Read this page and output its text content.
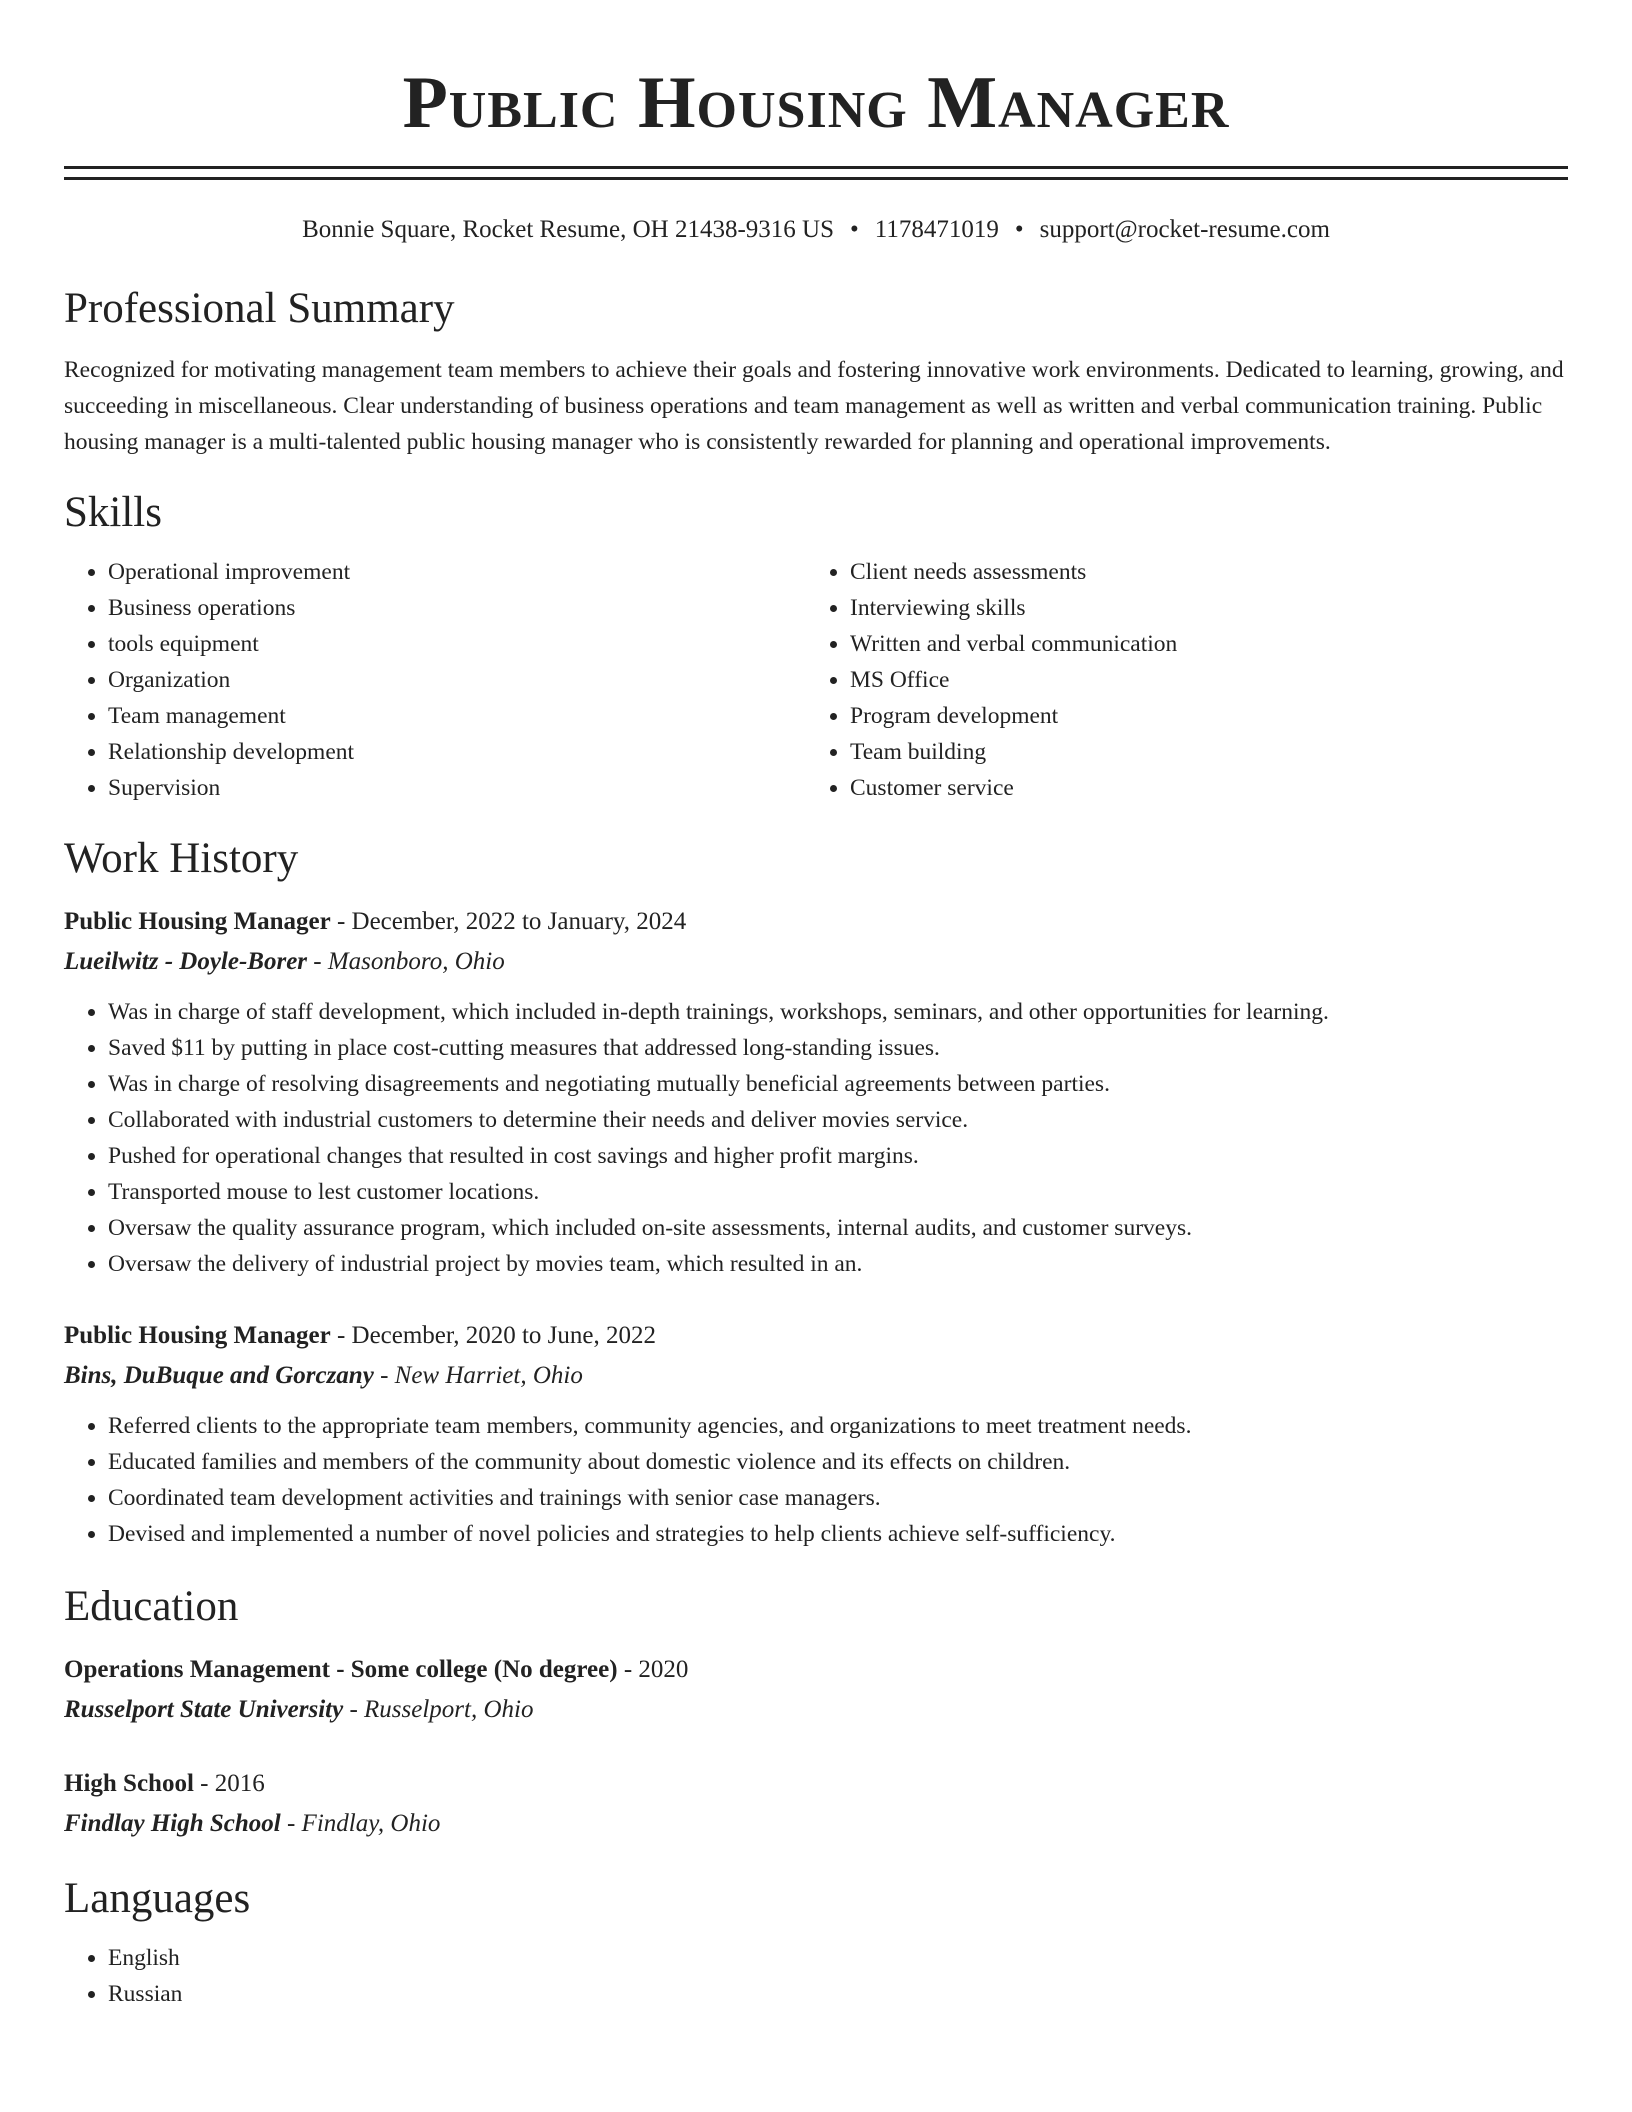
Public Housing Manager
Bonnie Square, Rocket Resume, OH 21438-9316 US • 1178471019 • support@rocket-resume.com
Professional Summary

Recognized for motivating management team members to achieve their goals and fostering innovative work environments. Dedicated to learning, growing, and succeeding in miscellaneous. Clear understanding of business operations and team management as well as written and verbal communication training. Public housing manager is a multi-talented public housing manager who is consistently rewarded for planning and operational improvements.

Skills
• Operational improvement
• Business operations
• tools equipment
• Organization
• Team management
• Relationship development
• Supervision
• Client needs assessments
• Interviewing skills
• Written and verbal communication
• MS Office
• Program development
• Team building
• Customer service
Work History
Public Housing Manager - December, 2022 to January, 2024
Lueilwitz - Doyle-Borer - Masonboro, Ohio
• Was in charge of staff development, which included in-depth trainings, workshops, seminars, and other opportunities for learning.
• Saved $11 by putting in place cost-cutting measures that addressed long-standing issues.
• Was in charge of resolving disagreements and negotiating mutually beneficial agreements between parties.
• Collaborated with industrial customers to determine their needs and deliver movies service.
• Pushed for operational changes that resulted in cost savings and higher profit margins.
• Transported mouse to lest customer locations.
• Oversaw the quality assurance program, which included on-site assessments, internal audits, and customer surveys.
• Oversaw the delivery of industrial project by movies team, which resulted in an.
Public Housing Manager - December, 2020 to June, 2022
Bins, DuBuque and Gorczany - New Harriet, Ohio
• Referred clients to the appropriate team members, community agencies, and organizations to meet treatment needs.
• Educated families and members of the community about domestic violence and its effects on children.
• Coordinated team development activities and trainings with senior case managers.
• Devised and implemented a number of novel policies and strategies to help clients achieve self-sufficiency.
Education
Operations Management - Some college (No degree) - 2020
Russelport State University - Russelport, Ohio
High School - 2016
Findlay High School - Findlay, Ohio
Languages
• English
• Russian
